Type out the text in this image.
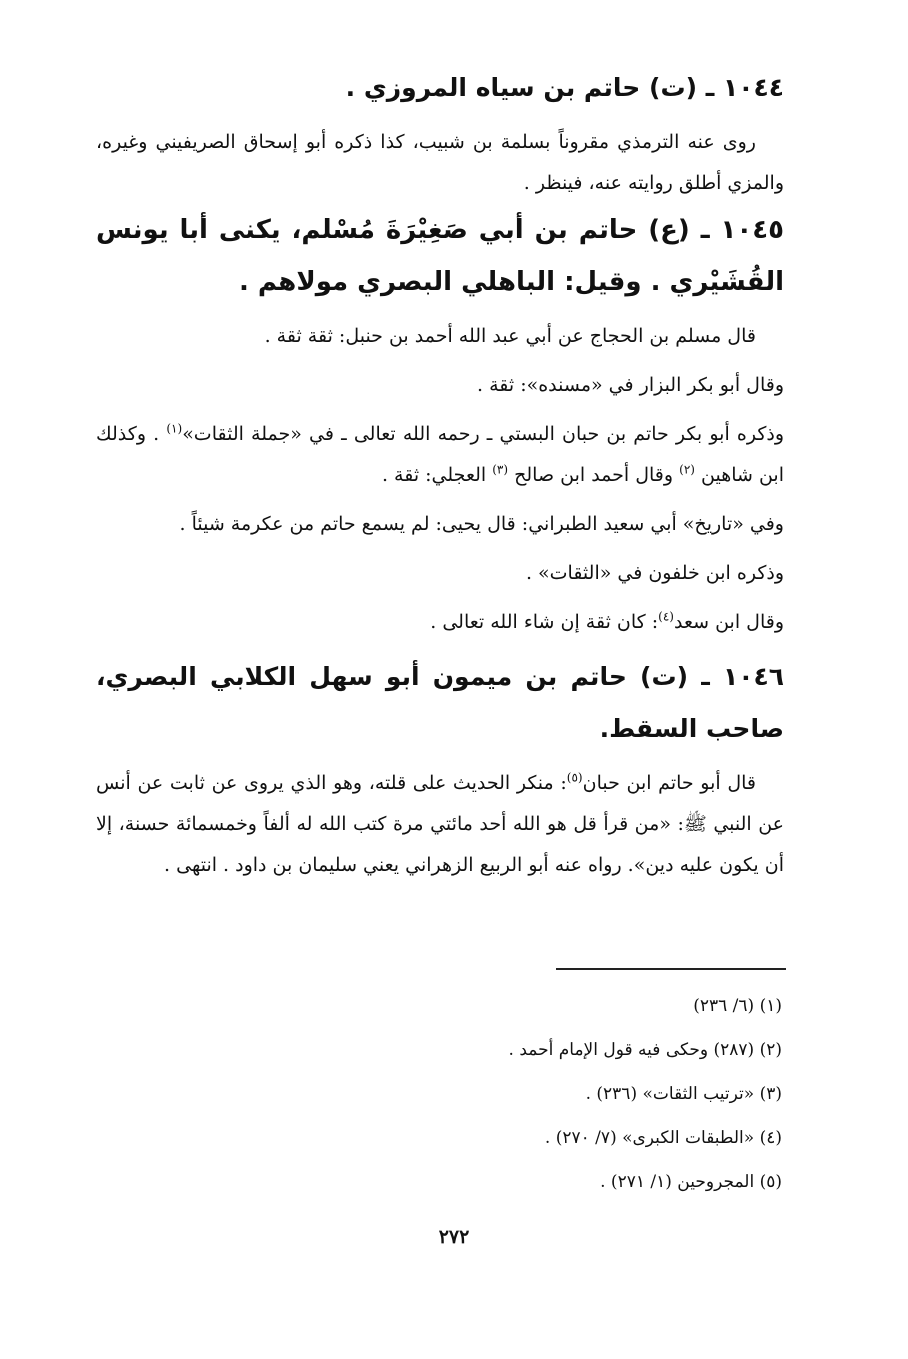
١٠٤٤ ـ (ت) حاتم بن سياه المروزي .

روى عنه الترمذي مقروناً بسلمة بن شبيب، كذا ذكره أبو إسحاق الصريفيني وغيره، والمزي أطلق روايته عنه، فينظر .

١٠٤٥ ـ (ع) حاتم بن أبي صَغِيْرَةَ مُسْلم، يكنى أبا يونس القُشَيْري . وقيل: الباهلي البصري مولاهم .

قال مسلم بن الحجاج عن أبي عبد الله أحمد بن حنبل: ثقة ثقة .

وقال أبو بكر البزار في «مسنده»: ثقة .

وذكره أبو بكر حاتم بن حبان البستي ـ رحمه الله تعالى ـ في «جملة الثقات»$^{(١)}$ . وكذلك ابن شاهين $^{(٢)}$ وقال أحمد ابن صالح $^{(٣)}$ العجلي: ثقة .

وفي «تاريخ» أبي سعيد الطبراني: قال يحيى: لم يسمع حاتم من عكرمة شيئاً .

وذكره ابن خلفون في «الثقات» .

وقال ابن سعد$^{(٤)}$: كان ثقة إن شاء الله تعالى .

١٠٤٦ ـ (ت) حاتم بن ميمون أبو سهل الكلابي البصري، صاحب السقط.

قال أبو حاتم ابن حبان$^{(٥)}$: منكر الحديث على قلته، وهو الذي يروى عن ثابت عن أنس عن النبي ﷺ: «من قرأ قل هو الله أحد مائتي مرة كتب الله له ألفاً وخمسمائة حسنة، إلا أن يكون عليه دين». رواه عنه أبو الربيع الزهراني يعني سليمان بن داود . انتهى .

(١) (٦/ ٢٣٦)

(٢) (٢٨٧) وحكى فيه قول الإمام أحمد .

(٣) «ترتيب الثقات» (٢٣٦) .

(٤) «الطبقات الكبرى» (٧/ ٢٧٠) .

(٥) المجروحين (١/ ٢٧١) .

٢٧٢
